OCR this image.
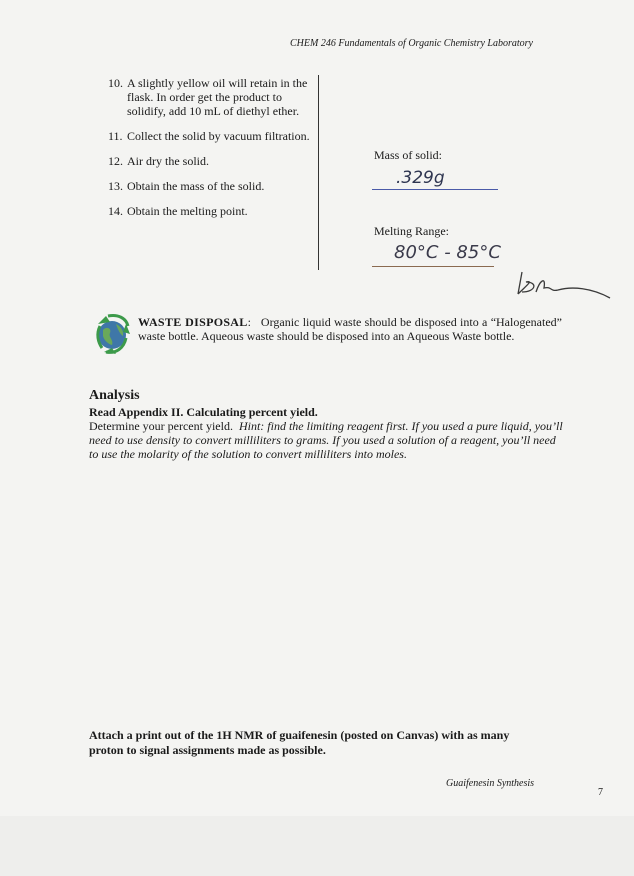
CHEM 246 Fundamentals of Organic Chemistry Laboratory
10. A slightly yellow oil will retain in the flask. In order get the product to solidify, add 10 mL of diethyl ether.
11. Collect the solid by vacuum filtration.
12. Air dry the solid.
13. Obtain the mass of the solid.
14. Obtain the melting point.
Mass of solid:
.329g
Melting Range:
80°C - 85°C
WASTE DISPOSAL:   Organic liquid waste should be disposed into a “Halogenated” waste bottle. Aqueous waste should be disposed into an Aqueous Waste bottle.
Analysis
Read Appendix II. Calculating percent yield.
Determine your percent yield. Hint: find the limiting reagent first. If you used a pure liquid, you’ll need to use density to convert milliliters to grams. If you used a solution of a reagent, you’ll need to use the molarity of the solution to convert milliliters into moles.
Attach a print out of the 1H NMR of guaifenesin (posted on Canvas) with as many proton to signal assignments made as possible.
Guaifenesin Synthesis
7
